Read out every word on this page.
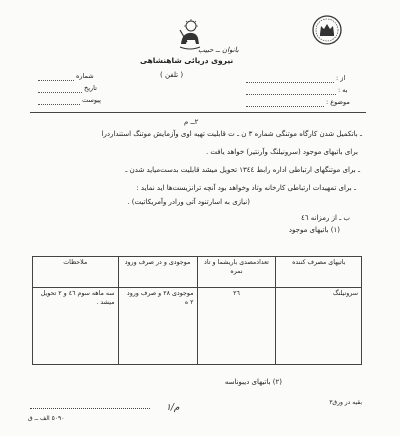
نیروی دریائی شاهنشاهی
بانوان ــ حبیب
( تلفن )
شماره
تاریخ
پیوست
از :
به :
موضوع :
٢ــ م
ـ باتکمیل شدن کارگاه موتنگی شماره ٣ ن ـ ت قابلیت تهیه اوی وآزمایش موتنگ استنداردرا
برای باتیهای موجود (سرونیلنگ وآرنتیر) خواهد یافت .
ـ برای موتنگهای ارتباطی اداره رابط ١٣٤٤ تحویل میشد قابلیت بدست‌میاید شدن ـ
ـ برای تمهیدات ارتباطی کارخانه وتاد وخواهد بود آنچه ترانزیست‌ها اید نماید :
(نیازی به اسارتنود آتی ورادر وآمریکاتیت) .
ب ـ از رمزانه ٤٦
(١) باتیهای موجود
باتیهای مصرف کننده	تعداد‌مصدی باریشما و تاد نمره	موجودی و در صرف ورود	ملاحظات
سرونیلنگ	٢٦	موجودی ٢٨ و صرف ورود ٢ ه	سه ماهه سوم ٤٦ و ٢ تحویل میشد .
(٢) باتیهای دیبوناسه
بقیه در ورق٣
م/١
٥٠٩٠ الف ــ ق
